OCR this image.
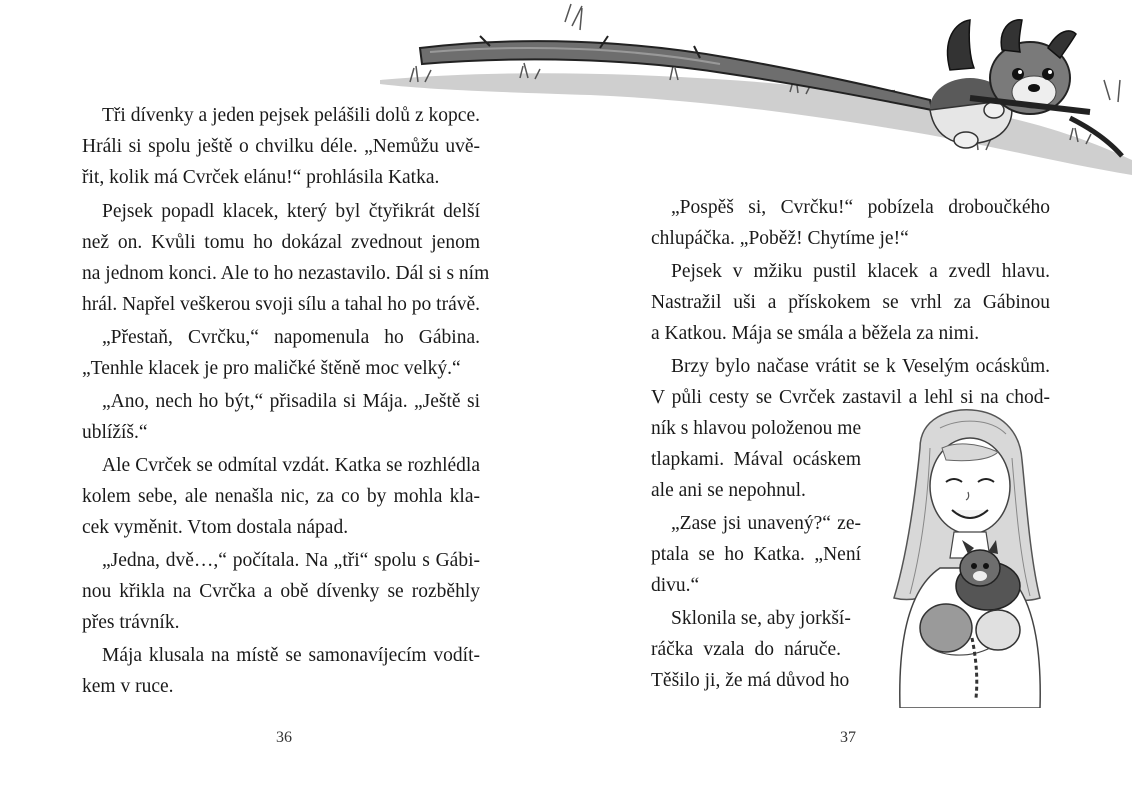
Tři dívenky a jeden pejsek pelášili dolů z kopce.

Hráli si spolu ještě o chvilku déle. „Nemůžu uvě-

řit, kolik má Cvrček elánu!“ prohlásila Katka.

Pejsek popadl klacek, který byl čtyřikrát delší

než on. Kvůli tomu ho dokázal zvednout jenom

na jednom konci. Ale to ho nezastavilo. Dál si s ním

hrál. Napřel veškerou svoji sílu a tahal ho po trávě.

„Přestaň, Cvrčku,“ napomenula ho Gábina.

„Tenhle klacek je pro maličké štěně moc velký.“

„Ano, nech ho být,“ přisadila si Mája. „Ještě si

ublížíš.“

Ale Cvrček se odmítal vzdát. Katka se rozhlédla

kolem sebe, ale nenašla nic, za co by mohla kla-

cek vyměnit. Vtom dostala nápad.

„Jedna, dvě…,“ počítala. Na „tři“ spolu s Gábi-

nou křikla na Cvrčka a obě dívenky se rozběhly

přes trávník.

Mája klusala na místě se samonavíjecím vodít-

kem v ruce.

36

„Pospěš si, Cvrčku!“ pobízela droboučkého

chlupáčka. „Poběž! Chytíme je!“

Pejsek v mžiku pustil klacek a zvedl hlavu.

Nastražil uši a přískokem se vrhl za Gábinou

a Katkou. Mája se smála a běžela za nimi.

Brzy bylo načase vrátit se k Veselým ocáskům.

V půli cesty se Cvrček zastavil a lehl si na chod-

ník s hlavou položenou me

tlapkami. Mával ocáskem

ale ani se nepohnul.

„Zase jsi unavený?“ ze-

ptala se ho Katka. „Není

divu.“

Sklonila se, aby jorkší-

ráčka vzala do náruče.

Těšilo ji, že má důvod ho

37
